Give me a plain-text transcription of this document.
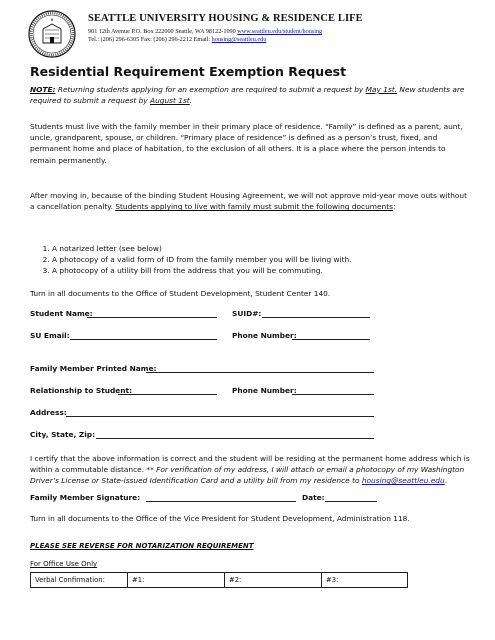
SEATTLE UNIVERSITY HOUSING & RESIDENCE LIFE
901 12th Avenue P.O. Box 222000 Seattle, WA 98122-1090 www.seattleu.edu/student/housing
Tel.: (206) 296-6305 Fax: (206) 296-2212 Email: housing@seattleu.edu
Residential Requirement Exemption Request
NOTE: Returning students applying for an exemption are required to submit a request by May 1st. New students are required to submit a request by August 1st.
Students must live with the family member in their primary place of residence. “Family” is defined as a parent, aunt, uncle, grandparent, spouse, or children. “Primary place of residence” is defined as a person’s trust, fixed, and permanent home and place of habitation, to the exclusion of all others. It is a place where the person intends to remain permanently.
After moving in, because of the binding Student Housing Agreement, we will not approve mid-year move outs without a cancellation penalty. Students applying to live with family must submit the following documents:
1. A notarized letter (see below)
2. A photocopy of a valid form of ID from the family member you will be living with.
3. A photocopy of a utility bill from the address that you will be commuting.
Turn in all documents to the Office of Student Development, Student Center 140.
Student Name:	SUID#:
SU Email:	Phone Number:
Family Member Printed Name:
Relationship to Student:	Phone Number:
Address:
City, State, Zip:
I certify that the above information is correct and the student will be residing at the permanent home address which is within a commutable distance. ** For verification of my address, I will attach or email a photocopy of my Washington Driver’s License or State-issued Identification Card and a utility bill from my residence to housing@seattleu.edu.
Family Member Signature:	Date:
Turn in all documents to the Office of the Vice President for Student Development, Administration 118.
PLEASE SEE REVERSE FOR NOTARIZATION REQUIREMENT
For Office Use Only
Verbal Confirmation:	#1:	#2:	#3:
